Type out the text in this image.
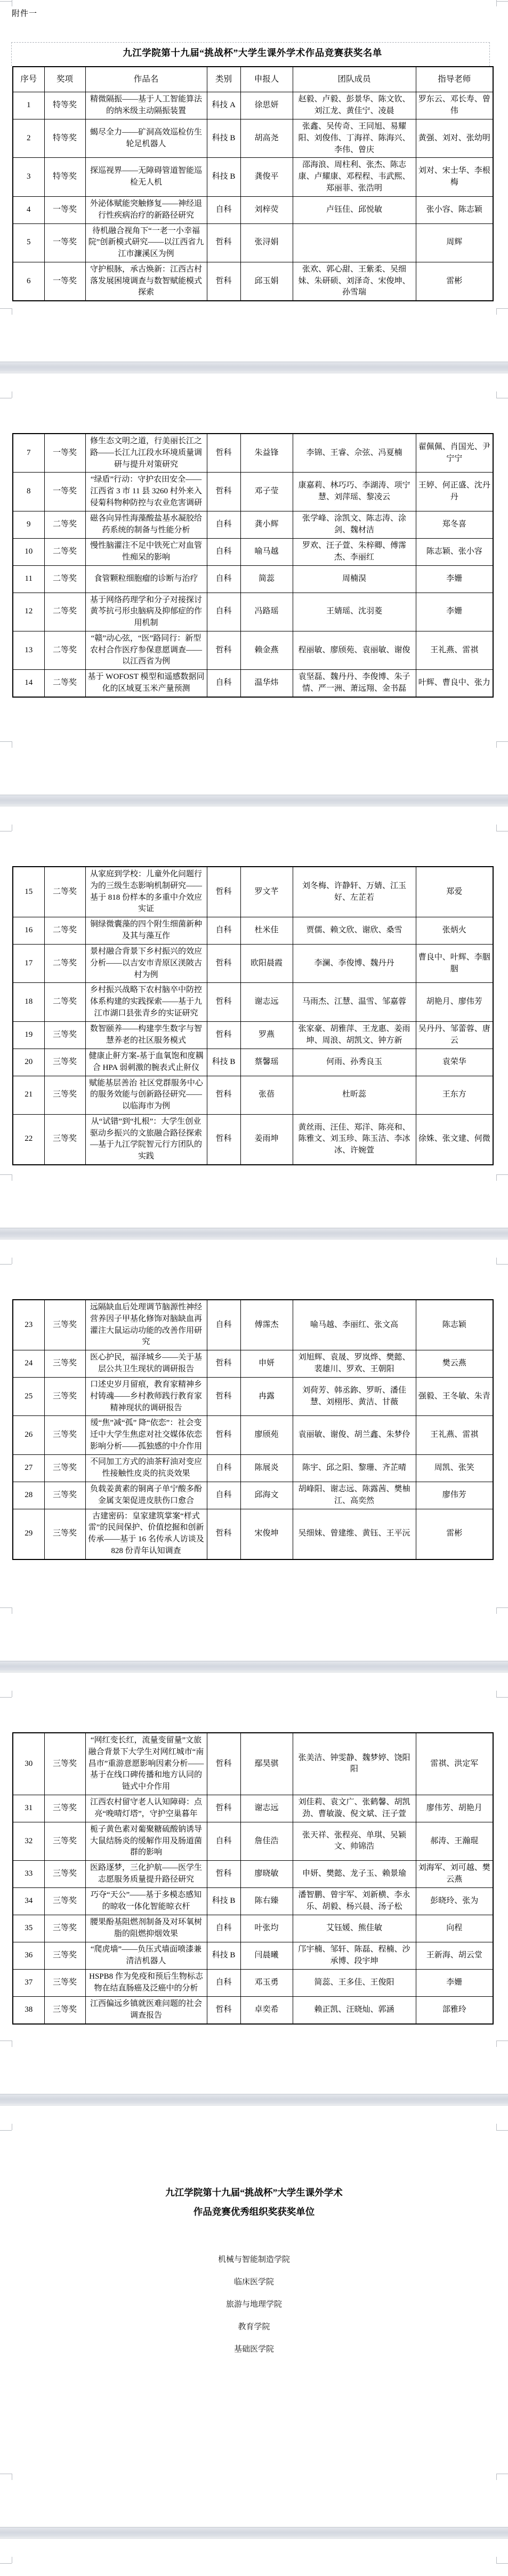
附件一
九江学院第十九届“挑战杯”大学生课外学术作品竞赛获奖名单
序号	奖项	作品名	类别	申报人	团队成员	指导老师
1	特等奖	精微隔振——基于人工智能算法的纳米级主动隔振装置	科技 A	徐思妍	赵毅、卢毅、彭景华、陈文钦、刘江龙、黄佳宁、凌晨	罗东云、邓长寿、曾伟
2	特等奖	蝎尽全力——矿洞高效巡检仿生轮足机器人	科技 B	胡高尧	张鑫、吴传奇、王同旭、易耀阳、刘俊伟、丁海祥、陈海兴、李伟、曾庆	黄强、刘对、张幼明
3	特等奖	探巡视界——无障碍管道智能巡检无人机	科技 B	龚俊平	邵海浪、周柱利、张杰、陈志康、卢耀康、邓程程、韦武熙、郑丽菲、张浩明	刘对、宋士华、李根梅
4	一等奖	外泌体赋能突触修复——神经退行性疾病治疗的新路径研究	自科	刘梓荧	卢钰佳、邱悦敏	张小容、陈志颖
5	一等奖	待机融合视角下“一老一小幸福院”创新模式研究——以江西省九江市濂溪区为例	哲科	张浔娟		周辉
6	一等奖	守护根脉，承古焕新：江西古村落发展困境调查与数智赋能模式探索	哲科	邱玉娟	张欢、郭心甜、王紫柔、吴细妹、朱研硕、刘泽奇、宋俊坤、孙雪瑞	雷彬
7	一等奖	修生态文明之道，行美丽长江之路——长江九江段水环境质量调研与提升对策研究	哲科	朱益锋	李锦、王睿、佘弦、冯夏楠	翟佩佩、肖国光、尹宁宁
8	一等奖	“绿盾”行动：守护农田安全——江西省 3 市 11 县 3260 村外来入侵菊科物种防控与农业危害调研	哲科	邓子莹	康嘉莉、林巧巧、李湖涛、项宁慧、刘萍瑶、黎凌云	王婷、何正盛、沈丹丹
9	二等奖	磁各向异性海藻酸盐基水凝胶给药系统的制备与性能分析	自科	龚小辉	张学峰、涂凯文、陈志涛、涂剑、魏材洁	郑冬喜
10	二等奖	慢性脑灌注不足中铁死亡对血管性痴呆的影响	自科	喻马越	罗欢、汪子萱、朱梓卿、傅霈杰、李丽红	陈志颖、张小容
11	二等奖	食管颗粒细胞瘤的诊断与治疗	自科	简蕊	周楠淏	李姗
12	二等奖	基于网络药理学和分子对接探讨黄芩抗弓形虫脑病及抑郁症的作用机制	自科	冯路瑶	王婧瑶、沈羽菱	李姗
13	二等奖	“赣”动心弦，“医”路同行：新型农村合作医疗参保意愿调查——以江西省为例	哲科	赖金燕	程丽敏、廖颀苑、袁丽敏、谢俊	王礼燕、雷祺
14	二等奖	基于 WOFOST 模型和遥感数据同化的区域夏玉米产量预测	自科	温华炜	袁坚磊、魏丹丹、李俊博、朱子情、严一洲、萧远翔、金书磊	叶辉、曹良中、张力
15	二等奖	从家庭到学校：儿童外化问题行为的三级生态影响机制研究——基于 818 份样本的多重中介效应实证	哲科	罗文芊	刘冬梅、许静轩、万婧、江玉好、左芷若	郑爱
16	二等奖	铜绿微囊藻的四个附生细菌新种及其与藻互作	自科	杜米佳	贾儒、赖文欣、谢欣、桑雪	张炳火
17	二等奖	景村融合背景下乡村振兴的效应分析——以吉安市青原区渼陂古村为例	哲科	欧阳晨霞	李澜、李俊博、魏丹丹	曹良中、叶辉、李胭胭
18	二等奖	乡村振兴战略下农村脑卒中防控体系构建的实践探索——基于九江市湖口县张青乡的实证研究	哲科	谢志远	马雨杰、江慧、温雪、邹嘉蓉	胡艳月、廖伟芳
19	三等奖	数智颐养——构建孪生数字与智慧养老的社区服务模式	哲科	罗燕	张家豪、胡雅萍、王龙惠、姜雨坤、周浪、胡凯文、钟方新	吴丹丹、邹蕾蓉、唐云
20	三等奖	健康止鼾方案-基于血氧饱和度耦合 HPA 弱刺激的腕表式止鼾仪	科技 B	蔡馨瑶	何雨、孙秀良玉	袁荣华
21	三等奖	赋能基层善治 社区党群服务中心的服务效能与创新路径研究——以临海市为例	哲科	张蓓	杜昕蕊	王东方
22	三等奖	从“试错”到“扎根”：大学生创业驱动乡振兴的文旅融合路径探索—基于九江学院智元行方团队的实践	哲科	姜雨坤	黄丝雨、汪佳、郑洋、陈亮和、陈雅文、刘玉珍、陈玉洁、李冰冰、许婉萱	徐姝、张文建、何微
23	三等奖	远隔缺血后处理调节脑源性神经营养因子甲基化修饰对脑缺血再灌注大鼠运动功能的改善作用研究	自科	傅霈杰	喻马越、李丽红、张文高	陈志颖
24	三等奖	医心护民，福泽城乡——关于基层公共卫生现状的调研报告	哲科	申妍	刘旭辉、袁晟、罗岚烨、樊懿、裴雄川、罗欢、王朝阳	樊云燕
25	三等奖	口述史岁月留痕，教育家精神乡村铸魂——乡村教师践行教育家精神现状的调研报告	哲科	冉露	刘荷芳、韩丞鉨、罗昕、潘佳慧、刘栩彤、黄洁、甘薇	强毅、王冬敏、朱青
26	三等奖	缓“焦”减“孤” 降“依恋”：社会变迁中大学生焦虑对社交媒体依恋影响分析——孤独感的中介作用	哲科	廖颀苑	袁丽敏、谢俊、胡兰鑫、朱梦伶	王礼燕、雷祺
27	三等奖	不同加工方式的油茶籽油对变应性接触性皮炎的抗炎效果	自科	陈展炎	陈宇、邱之阳、黎珊、齐芷晴	周凯、张笑
28	三等奖	负载姜黄素的铜离子单宁酸多酚金属支架促进皮肤伤口愈合	自科	邱海文	胡峰阳、谢志远、陈露茜、樊柚江、高奕然	廖伟芳
29	三等奖	古建密码：皇家建筑掌案“样式雷”的民间保护、价值挖掘和创新传承——基于 16 名传承人访谈及 828 份青年认知调查	哲科	宋俊坤	吴细妹、曾建维、黄钰、王平沅	雷彬
30	三等奖	“网红变长红，流量变留量”文旅融合背景下大学生对网红城市“南昌市”重游意愿影响因素分析——基于在线口碑传播和地方认同的链式中介作用	哲科	鄢昊骐	张美洁、钟雯静、魏梦婷、饶阳阳	雷祺、洪定军
31	三等奖	江西农村留守老人认知障碍：点亮“晚晴灯塔”，守护空巢暮年	哲科	谢志远	刘佳莉、袁文广、张鹤馨、胡凯劲、曹敏漩、倪文斌、汪子萱	廖伟芳、胡艳月
32	三等奖	栀子黄色素对葡聚糖硫酸钠诱导大鼠结肠炎的缓解作用及肠道菌群的影响	自科	詹佳浩	张天祥、张程亮、单琪、吴颖文、帅锦浩	郝涛、王瀚琨
33	三等奖	医路逐梦，三化护航——医学生志愿服务质量提升路径研究	哲科	廖晓敏	申妍、樊懿、龙子玉、赖景瑜	刘海军、刘可越、樊云燕
34	三等奖	巧夺“天公”——基于多模态感知的晾收一体化智能晾衣杆	科技 B	陈右臻	潘智鹏、曾宇军、刘新横、李永乐、胡毅、杨兴晨、汤子松	彭晓玲、张为
35	三等奖	腰果酚基阻燃剂制备及对环氧树脂的阻燃抑烟效果	自科	叶张均	艾钰媛、熊佳敏	向程
36	三等奖	“爬虎墙”——负压式墙面喷漆兼清洁机器人	科技 B	闫晨曦	邝宇楠、邹轩、陈磊、程楠、沙承博、段宇坤	王新海、胡云堂
37	三等奖	HSPB8 作为免疫和预后生物标志物在结直肠癌及泛癌中的分析	自科	邓玉勇	简蕊、王多佳、王俊阳	李姗
38	三等奖	江西偏远乡镇就医难问题的社会调查报告	哲科	卓奕希	赖正凯、汪晓灿、郭涵	部雅玲
九江学院第十九届“挑战杯”大学生课外学术
作品竞赛优秀组织奖获奖单位
机械与智能制造学院
临床医学院
旅游与地理学院
教育学院
基础医学院
